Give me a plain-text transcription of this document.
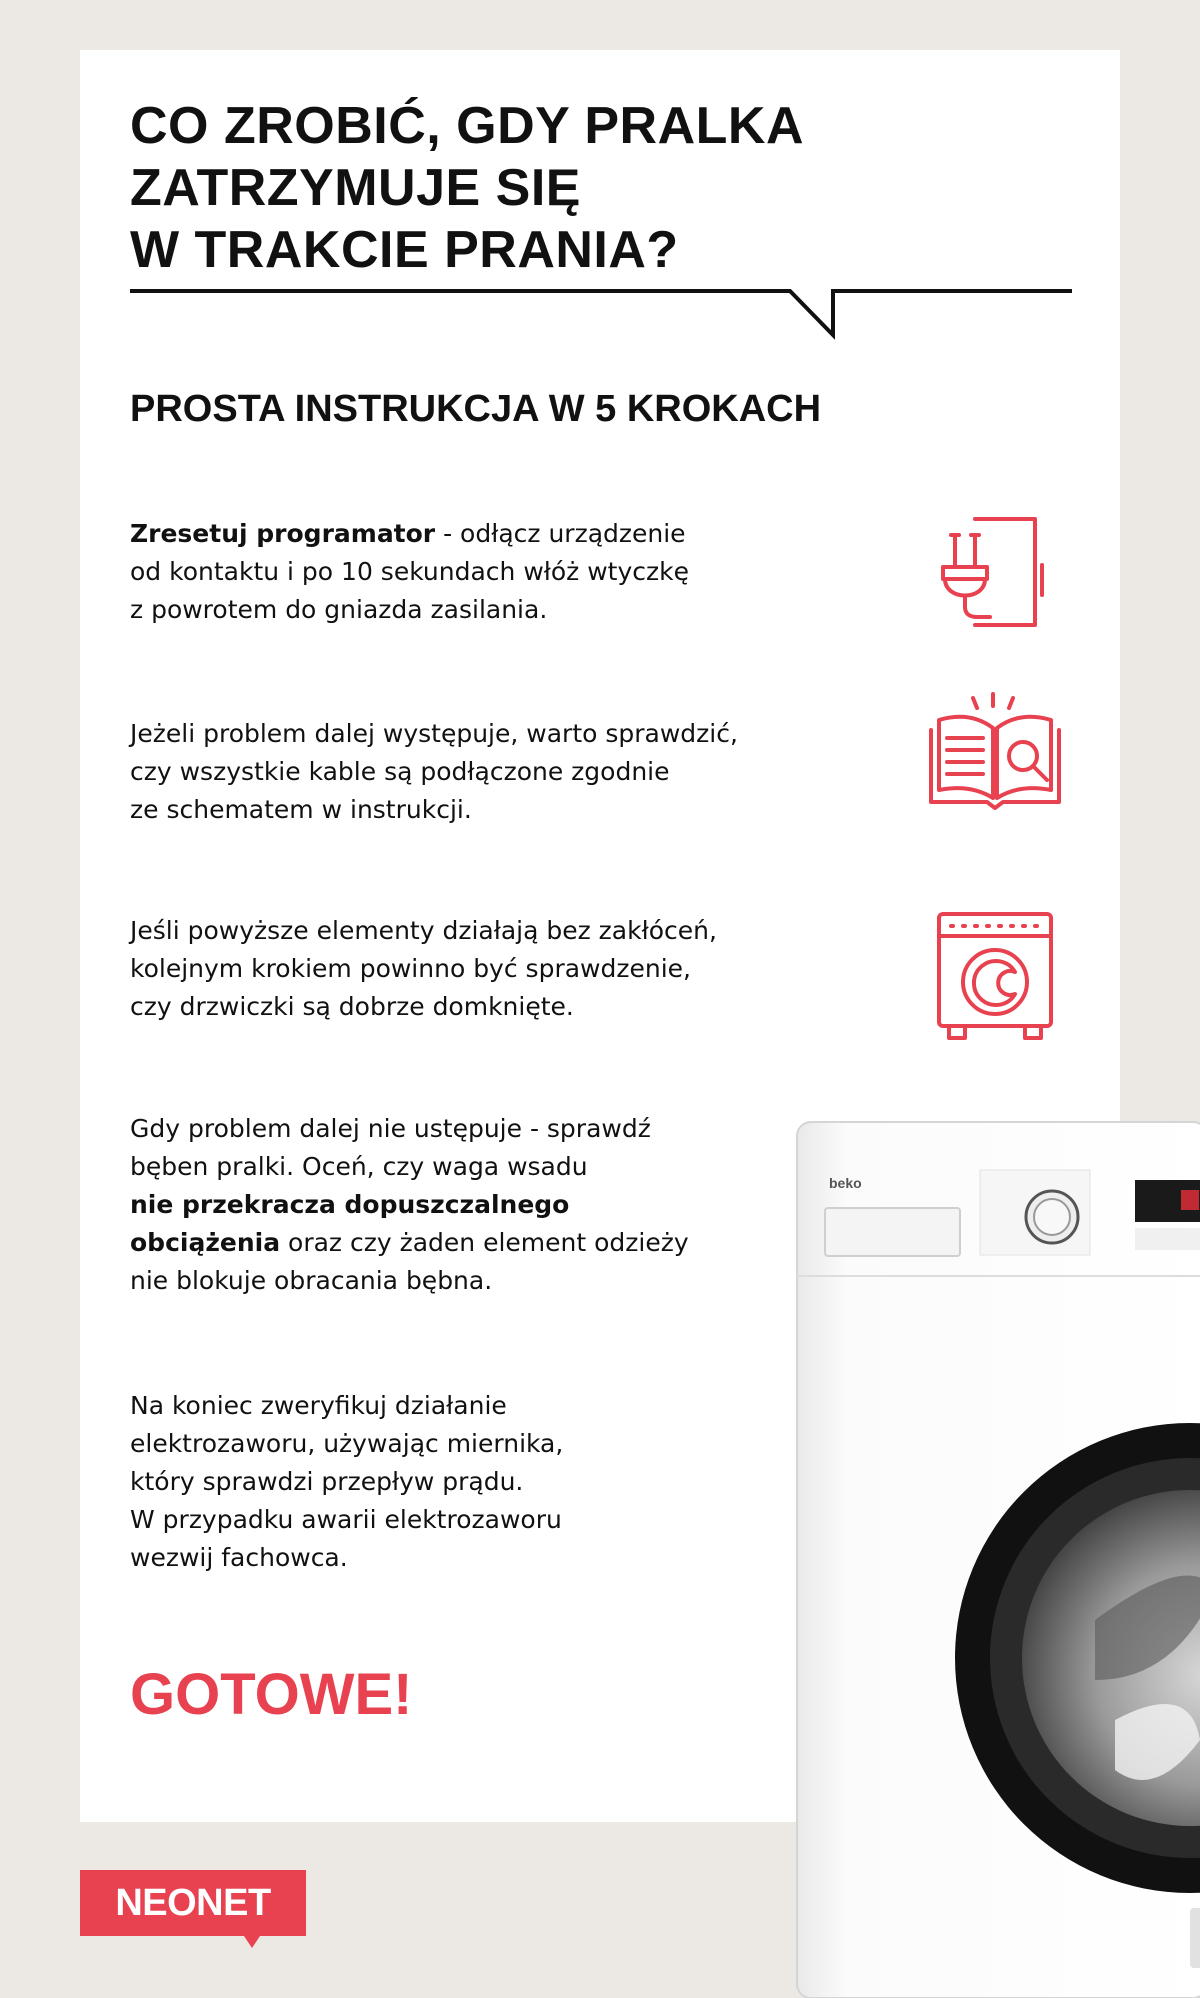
CO ZROBIĆ, GDY PRALKA
ZATRZYMUJE SIĘ
W TRAKCIE PRANIA?
PROSTA INSTRUKCJA W 5 KROKACH

Zresetuj programator - odłącz urządzenie

od kontaktu i po 10 sekundach włóż wtyczkę

z powrotem do gniazda zasilania.

Jeżeli problem dalej występuje, warto sprawdzić,

czy wszystkie kable są podłączone zgodnie

ze schematem w instrukcji.

Jeśli powyższe elementy działają bez zakłóceń,

kolejnym krokiem powinno być sprawdzenie,

czy drzwiczki są dobrze domknięte.

Gdy problem dalej nie ustępuje - sprawdź

bęben pralki. Oceń, czy waga wsadu

nie przekracza dopuszczalnego

obciążenia oraz czy żaden element odzieży

nie blokuje obracania bębna.

Na koniec zweryfikuj działanie

elektrozaworu, używając miernika,

który sprawdzi przepływ prądu.

W przypadku awarii elektrozaworu

wezwij fachowca.

beko
GOTOWE!
NEONET
